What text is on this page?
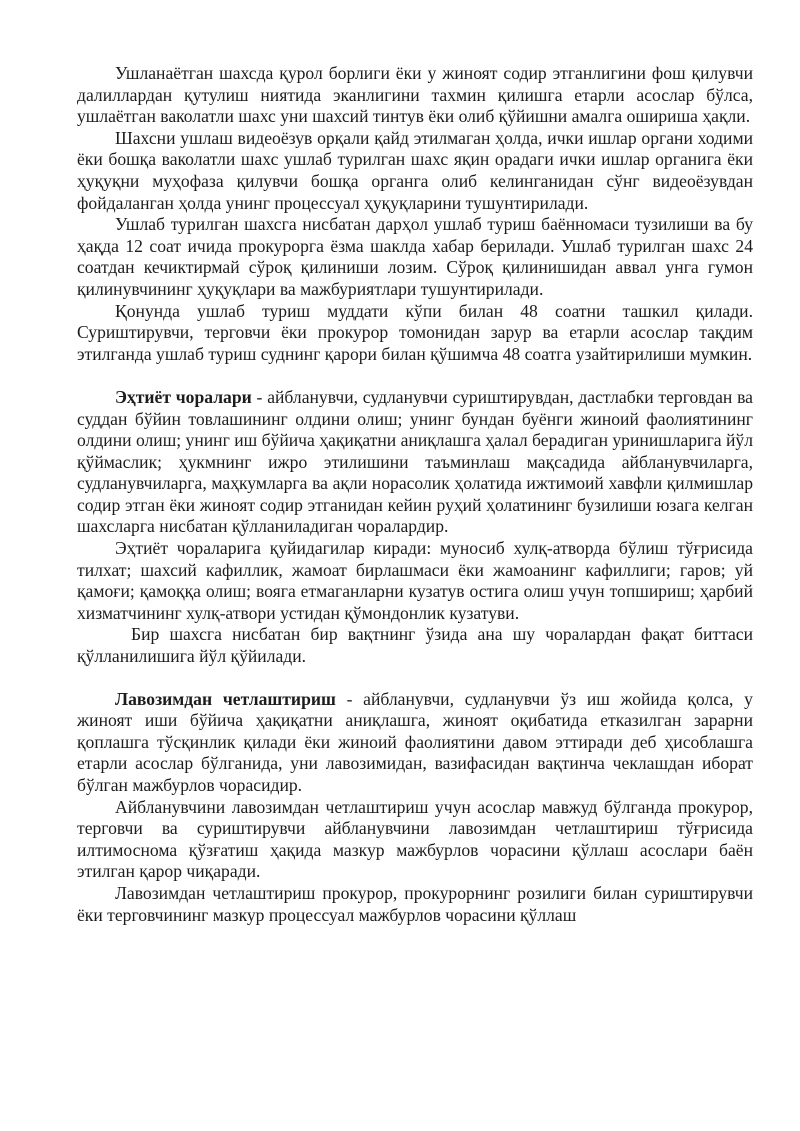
Ушланаётган шахсда қурол борлиги ёки у жиноят содир этганлигини фош қилувчи далиллардан қутулиш ниятида эканлигини тахмин қилишга етарли асослар бўлса, ушлаётган ваколатли шахс уни шахсий тинтув ёки олиб қўйишни амалга ошириша ҳақли.

Шахсни ушлаш видеоёзув орқали қайд этилмаган ҳолда, ички ишлар органи ходими ёки бошқа ваколатли шахс ушлаб турилган шахс яқин орадаги ички ишлар органига ёки ҳуқуқни муҳофаза қилувчи бошқа органга олиб келинганидан сўнг видеоёзувдан фойдаланган ҳолда унинг процессуал ҳуқуқларини тушунтирилади.

Ушлаб турилган шахсга нисбатан дарҳол ушлаб туриш баённомаси тузилиши ва бу ҳақда 12 соат ичида прокурорга ёзма шаклда хабар берилади. Ушлаб турилган шахс 24 соатдан кечиктирмай сўроқ қилиниши лозим. Сўроқ қилинишидан аввал унга гумон қилинувчининг ҳуқуқлари ва мажбуриятлари тушунтирилади.

Қонунда ушлаб туриш муддати кўпи билан 48 соатни ташкил қилади. Суриштирувчи, терговчи ёки прокурор томонидан зарур ва етарли асослар тақдим этилганда ушлаб туриш суднинг қарори билан қўшимча 48 соатга узайтирилиши мумкин.

Эҳтиёт чоралари - айбланувчи, судланувчи суриштирувдан, дастлабки терговдан ва суддан бўйин товлашининг олдини олиш; унинг бундан буёнги жиноий фаолиятининг олдини олиш; унинг иш бўйича ҳақиқатни аниқлашга ҳалал берадиган уринишларига йўл қўймаслик; ҳукмнинг ижро этилишини таъминлаш мақсадида айбланувчиларга, судланувчиларга, маҳкумларга ва ақли норасолик ҳолатида ижтимоий хавфли қилмишлар содир этган ёки жиноят содир этганидан кейин руҳий ҳолатининг бузилиши юзага келган шахсларга нисбатан қўлланиладиган чоралардир.

Эҳтиёт чораларига қуйидагилар киради: муносиб хулқ-атворда бўлиш тўғрисида тилхат; шахсий кафиллик, жамоат бирлашмаси ёки жамоанинг кафиллиги; гаров; уй қамоғи; қамоққа олиш; вояга етмаганларни кузатув остига олиш учун топшириш; ҳарбий хизматчининг хулқ-атвори устидан қўмондонлик кузатуви.

Бир шахсга нисбатан бир вақтнинг ўзида ана шу чоралардан фақат биттаси қўлланилишига йўл қўйилади.

Лавозимдан четлаштириш - айбланувчи, судланувчи ўз иш жойида қолса, у жиноят иши бўйича ҳақиқатни аниқлашга, жиноят оқибатида етказилган зарарни қоплашга тўсқинлик қилади ёки жиноий фаолиятини давом эттиради деб ҳисоблашга етарли асослар бўлганида, уни лавозимидан, вазифасидан вақтинча чеклашдан иборат бўлган мажбурлов чорасидир.

Айбланувчини лавозимдан четлаштириш учун асослар мавжуд бўлганда прокурор, терговчи ва суриштирувчи айбланувчини лавозимдан четлаштириш тўғрисида илтимоснома қўзғатиш ҳақида мазкур мажбурлов чорасини қўллаш асослари баён этилган қарор чиқаради.

Лавозимдан четлаштириш прокурор, прокурорнинг розилиги билан суриштирувчи ёки терговчининг мазкур процессуал мажбурлов чорасини қўллаш
